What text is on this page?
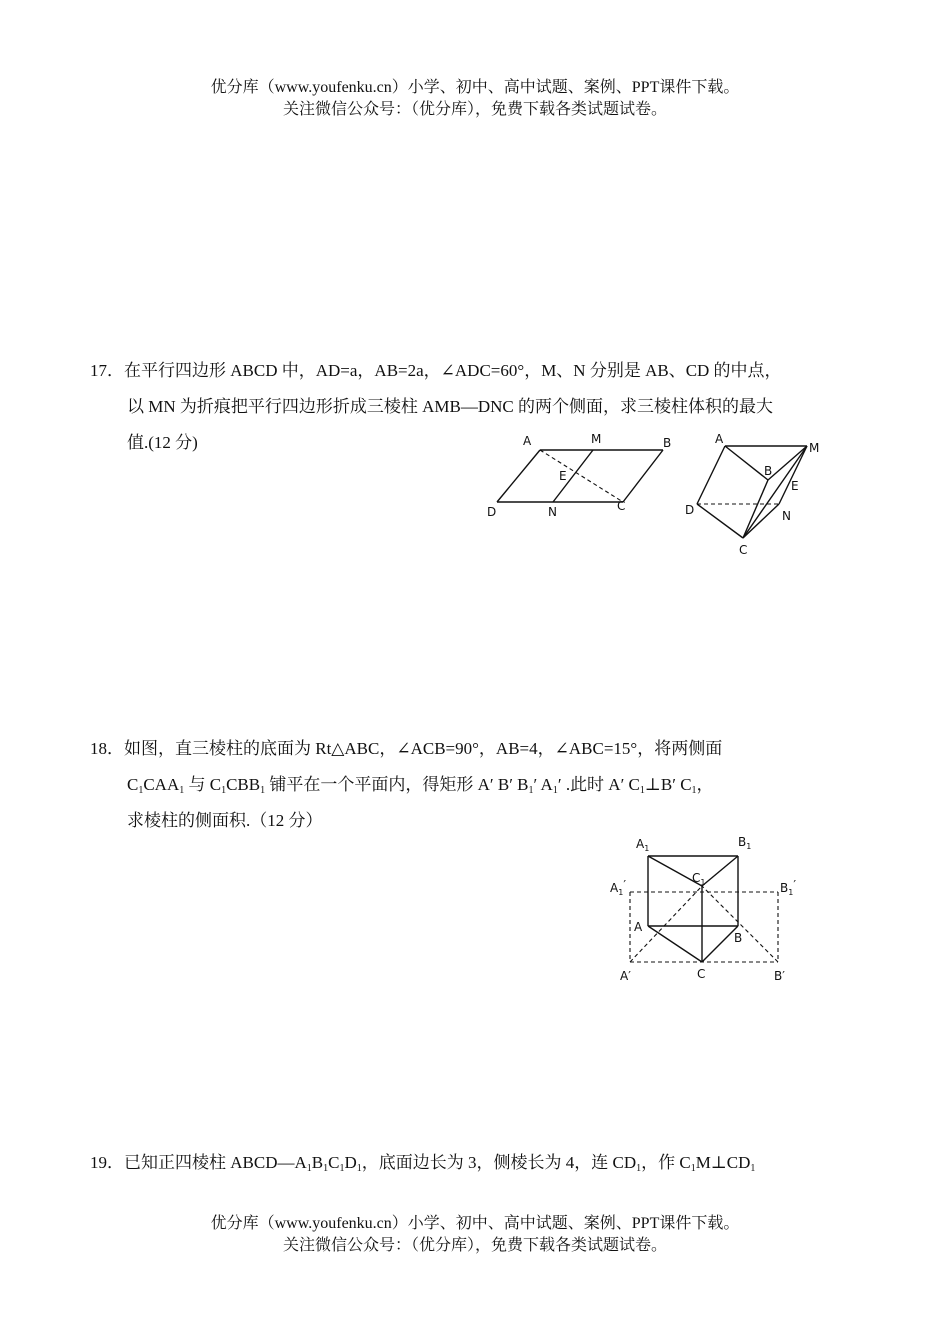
优分库（www.youfenku.cn）小学、初中、高中试题、案例、PPT课件下载。
关注微信公众号：（优分库），免费下载各类试题试卷。
17．在平行四边形 ABCD 中，AD=a，AB=2a，∠ADC=60°，M、N 分别是 AB、CD 的中点，
以 MN 为折痕把平行四边形折成三棱柱 AMB—DNC 的两个侧面，求三棱柱体积的最大
值.(12 分)	A	M	B
E
D	N	C
A
M
B
E
D	N
C
18．如图，直三棱柱的底面为 Rt△ABC，∠ACB=90°，AB=4，∠ABC=15°，将两侧面
$C_1CAA_1$ 与 $C_1CBB_1$ 铺平在一个平面内，得矩形 A′ B′ $B_1'$ $A_1'$ .此时 A′ $C_1\perp B'$ $C_1$，
求棱柱的侧面积.（12 分）
$A_1$	$B_1$
$C_1$
$A_1'$	$B_1'$
A
B
A′	C	B′
19．已知正四棱柱 $ABCD—A_1B_1C_1D_1$，底面边长为 3，侧棱长为 4，连 $CD_1$，作 $C_1M\perp CD_1$
优分库（www.youfenku.cn）小学、初中、高中试题、案例、PPT课件下载。
关注微信公众号：（优分库），免费下载各类试题试卷。
